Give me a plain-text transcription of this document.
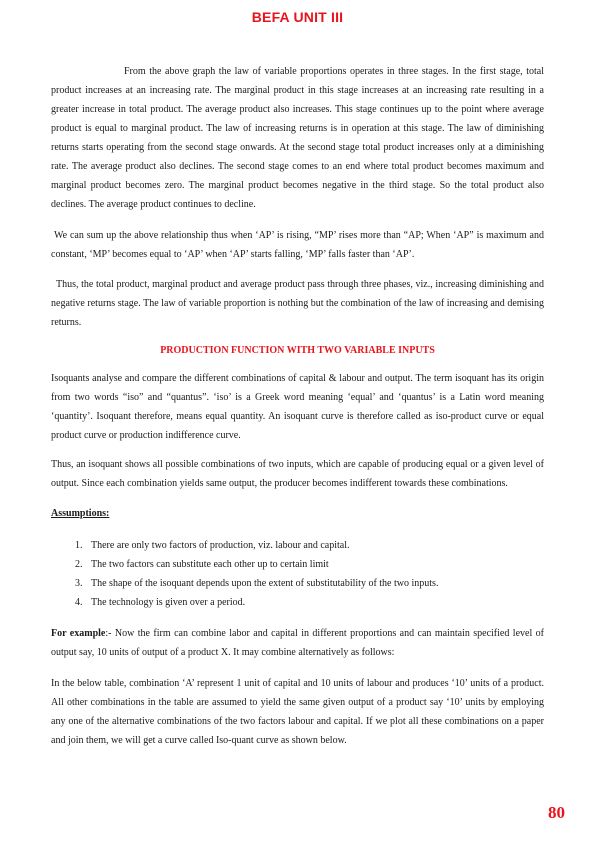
BEFA UNIT III

From the above graph the law of variable proportions operates in three stages. In the first stage, total product increases at an increasing rate. The marginal product in this stage increases at an increasing rate resulting in a greater increase in total product. The average product also increases. This stage continues up to the point where average product is equal to marginal product. The law of increasing returns is in operation at this stage. The law of diminishing returns starts operating from the second stage onwards. At the second stage total product increases only at a diminishing rate. The average product also declines. The second stage comes to an end where total product becomes maximum and marginal product becomes zero. The marginal product becomes negative in the third stage. So the total product also declines. The average product continues to decline.

We can sum up the above relationship thus when ‘AP’ is rising, “MP’ rises more than “AP; When ‘AP” is maximum and constant, ‘MP’ becomes equal to ‘AP’ when ‘AP’ starts falling, ‘MP’ falls faster than ‘AP’.

Thus, the total product, marginal product and average product pass through three phases, viz., increasing diminishing and negative returns stage. The law of variable proportion is nothing but the combination of the law of increasing and demising returns.

PRODUCTION FUNCTION WITH TWO VARIABLE INPUTS

Isoquants analyse and compare the different combinations of capital & labour and output. The term isoquant has its origin from two words “iso” and “quantus”. ‘iso’ is a Greek word meaning ‘equal’ and ‘quantus’ is a Latin word meaning ‘quantity’. Isoquant therefore, means equal quantity. An isoquant curve is therefore called as iso-product curve or equal product curve or production indifference curve.

Thus, an isoquant shows all possible combinations of two inputs, which are capable of producing equal or a given level of output. Since each combination yields same output, the producer becomes indifferent towards these combinations.

Assumptions:

1. There are only two factors of production, viz. labour and capital.
2. The two factors can substitute each other up to certain limit
3. The shape of the isoquant depends upon the extent of substitutability of the two inputs.
4. The technology is given over a period.

For example:- Now the firm can combine labor and capital in different proportions and can maintain specified level of output say, 10 units of output of a product X. It may combine alternatively as follows:

In the below table, combination ‘A’ represent 1 unit of capital and 10 units of labour and produces ‘10’ units of a product. All other combinations in the table are assumed to yield the same given output of a product say ‘10’ units by employing any one of the alternative combinations of the two factors labour and capital. If we plot all these combinations on a paper and join them, we will get a curve called Iso-quant curve as shown below.

80
